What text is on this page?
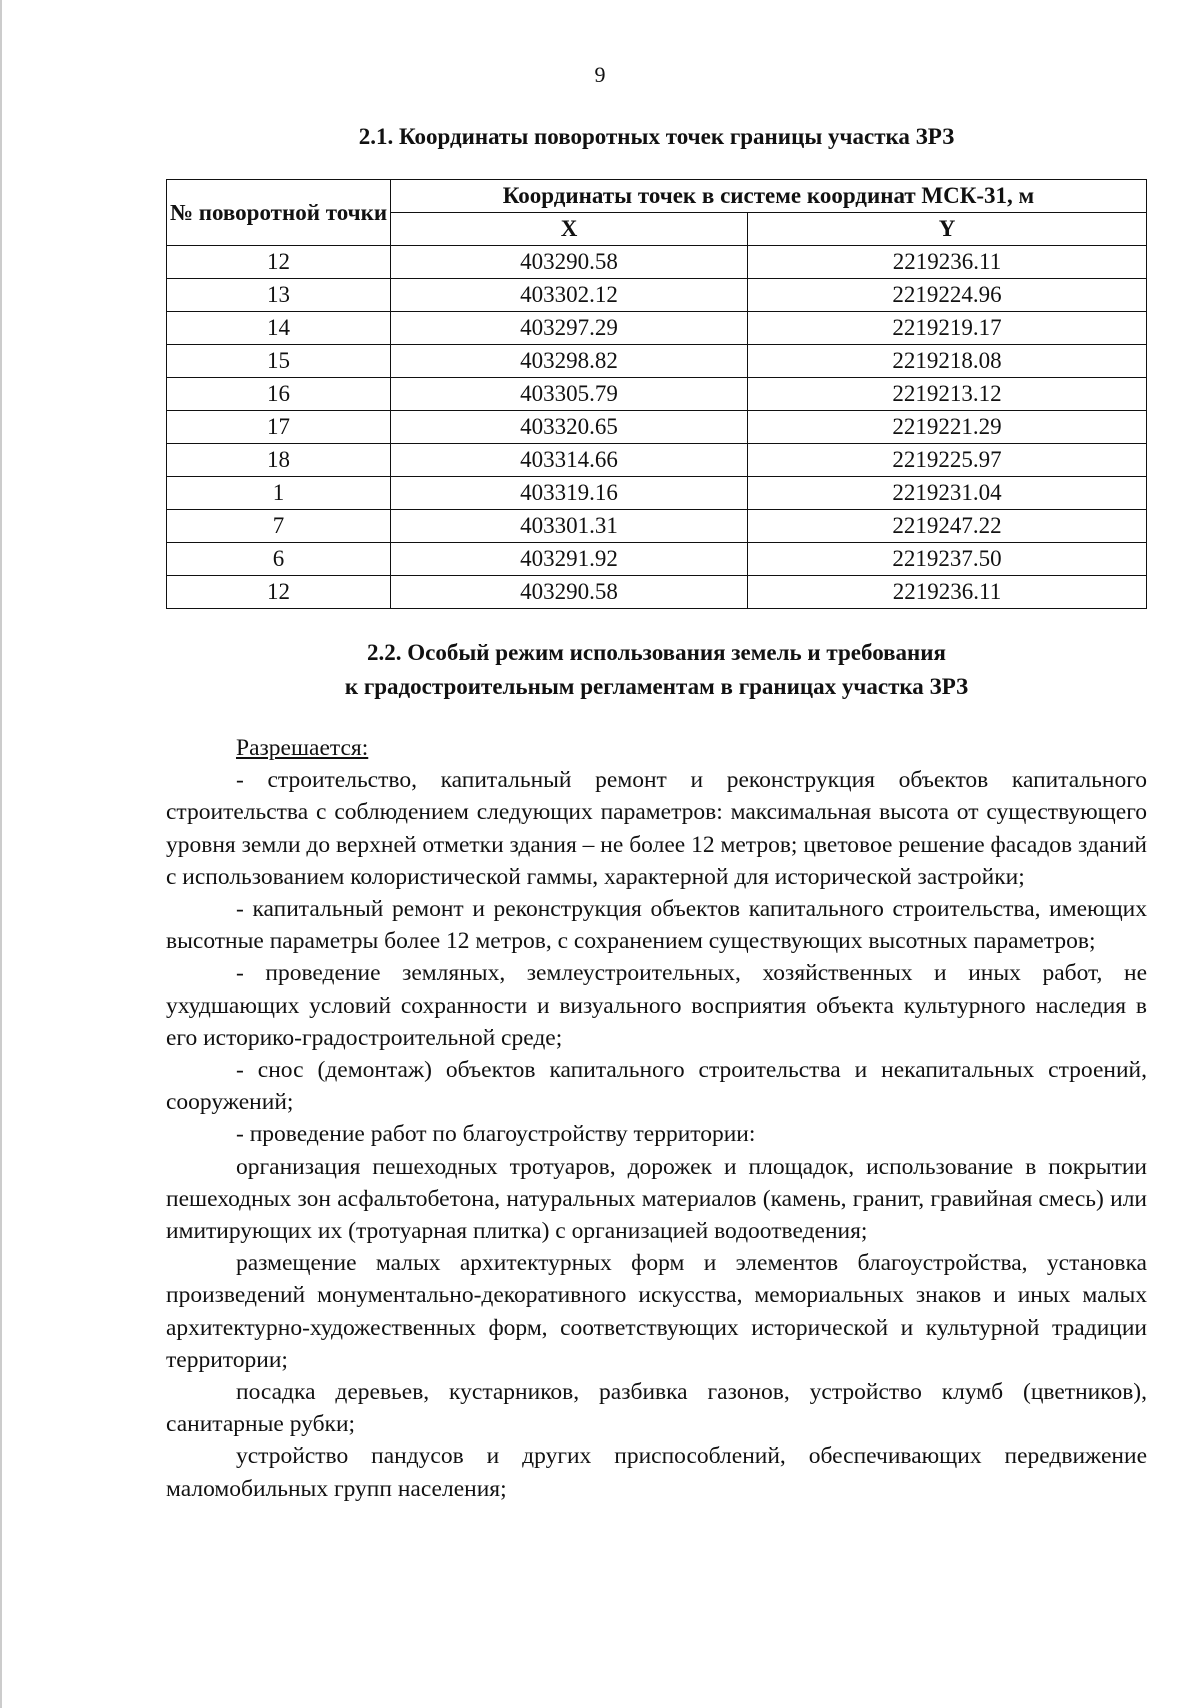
9
2.1. Координаты поворотных точек границы участка ЗРЗ
№ поворотной точки	Координаты точек в системе координат МСК-31, м	
	X	Y
12	403290.58	2219236.11
13	403302.12	2219224.96
14	403297.29	2219219.17
15	403298.82	2219218.08
16	403305.79	2219213.12
17	403320.65	2219221.29
18	403314.66	2219225.97
1	403319.16	2219231.04
7	403301.31	2219247.22
6	403291.92	2219237.50
12	403290.58	2219236.11
2.2. Особый режим использования земель и требования
к градостроительным регламентам в границах участка ЗРЗ

Разрешается:

- строительство, капитальный ремонт и реконструкция объектов капитального строительства с соблюдением следующих параметров: максимальная высота от существующего уровня земли до верхней отметки здания – не более 12 метров; цветовое решение фасадов зданий с использованием колористической гаммы, характерной для исторической застройки;

- капитальный ремонт и реконструкция объектов капитального строительства, имеющих высотные параметры более 12 метров, с сохранением существующих высотных параметров;

- проведение земляных, землеустроительных, хозяйственных и иных работ, не ухудшающих условий сохранности и визуального восприятия объекта культурного наследия в его историко-градостроительной среде;

- снос (демонтаж) объектов капитального строительства и некапитальных строений, сооружений;

- проведение работ по благоустройству территории:

организация пешеходных тротуаров, дорожек и площадок, использование в покрытии пешеходных зон асфальтобетона, натуральных материалов (камень, гранит, гравийная смесь) или имитирующих их (тротуарная плитка) с организацией водоотведения;

размещение малых архитектурных форм и элементов благоустройства, установка произведений монументально-декоративного искусства, мемориальных знаков и иных малых архитектурно-художественных форм, соответствующих исторической и культурной традиции территории;

посадка деревьев, кустарников, разбивка газонов, устройство клумб (цветников), санитарные рубки;

устройство пандусов и других приспособлений, обеспечивающих передвижение маломобильных групп населения;
